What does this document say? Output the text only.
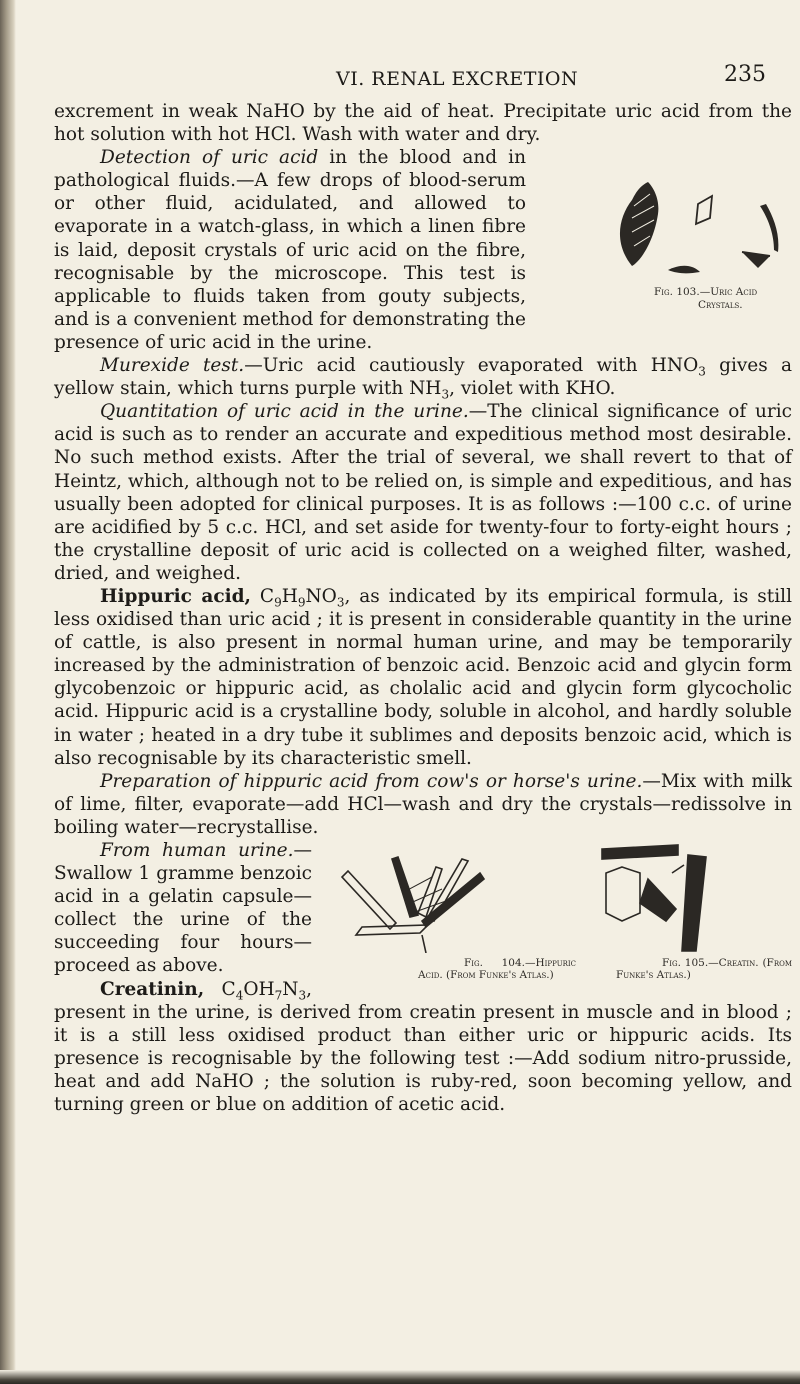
VI. RENAL EXCRETION	235

excrement in weak NaHO by the aid of heat. Precipitate uric acid from the hot solution with hot HCl. Wash with water and dry.

Fig. 103.—Uric Acid
Crystals.
Detection of uric acid in the blood and in pathological fluids.—A few drops of blood-serum or other fluid, acidulated, and allowed to evaporate in a watch-glass, in which a linen fibre is laid, deposit crystals of uric acid on the fibre, recognisable by the microscope. This test is applicable to fluids taken from gouty subjects, and is a convenient method for demonstrating the presence of uric acid in the urine.

Murexide test.—Uric acid cautiously evaporated with $HNO_3$ gives a yellow stain, which turns purple with $NH_3$, violet with KHO.

Quantitation of uric acid in the urine.—The clinical significance of uric acid is such as to render an accurate and expeditious method most desirable. No such method exists. After the trial of several, we shall revert to that of Heintz, which, although not to be relied on, is simple and expeditious, and has usually been adopted for clinical purposes. It is as follows :—100 c.c. of urine are acidified by 5 c.c. HCl, and set aside for twenty-four to forty-eight hours ; the crystalline deposit of uric acid is collected on a weighed filter, washed, dried, and weighed.

Hippuric acid, $C_9H_9NO_3$, as indicated by its empirical formula, is still less oxidised than uric acid ; it is present in considerable quantity in the urine of cattle, is also present in normal human urine, and may be temporarily increased by the administration of benzoic acid. Benzoic acid and glycin form glycobenzoic or hippuric acid, as cholalic acid and glycin form glycocholic acid. Hippuric acid is a crystalline body, soluble in alcohol, and hardly soluble in water ; heated in a dry tube it sublimes and deposits benzoic acid, which is also recognisable by its characteristic smell.

Preparation of hippuric acid from cow's or horse's urine.—Mix with milk of lime, filter, evaporate—add HCl—wash and dry the crystals—redissolve in boiling water—recrystallise.

Fig. 104.—Hippuric Acid. (From Funke's Atlas.)
Fig. 105.—Creatin. (From Funke's Atlas.)
From human urine.—Swallow 1 gramme benzoic acid in a gelatin capsule—collect the urine of the succeeding four hours—proceed as above.

Creatinin, $C_4OH_7N_3$, present in the urine, is derived from creatin present in muscle and in blood ; it is a still less oxidised product than either uric or hippuric acids. Its presence is recognisable by the following test :—Add sodium nitro-prusside, heat and add NaHO ; the solution is ruby-red, soon becoming yellow, and turning green or blue on addition of acetic acid.
